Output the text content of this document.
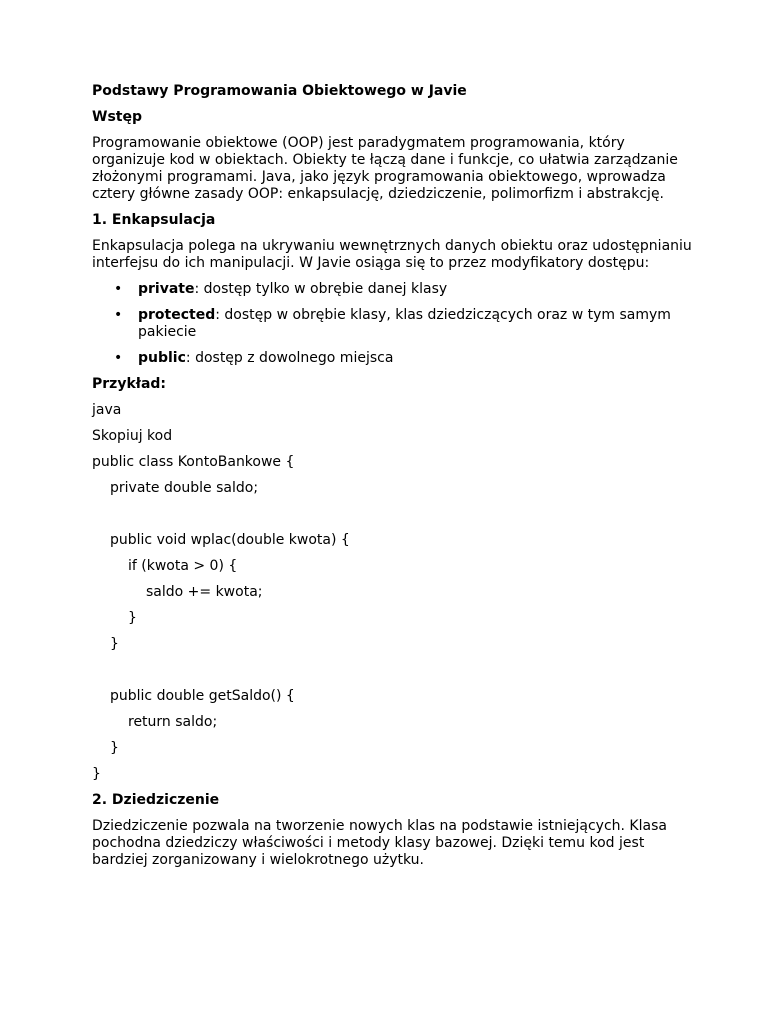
Podstawy Programowania Obiektowego w Javie
Wstęp

Programowanie obiektowe (OOP) jest paradygmatem programowania, który organizuje kod w obiektach. Obiekty te łączą dane i funkcje, co ułatwia zarządzanie złożonymi programami. Java, jako język programowania obiektowego, wprowadza cztery główne zasady OOP: enkapsulację, dziedziczenie, polimorfizm i abstrakcję.

1. Enkapsulacja

Enkapsulacja polega na ukrywaniu wewnętrznych danych obiektu oraz udostępnianiu interfejsu do ich manipulacji. W Javie osiąga się to przez modyfikatory dostępu:

• private: dostęp tylko w obrębie danej klasy
• protected: dostęp w obrębie klasy, klas dziedziczących oraz w tym samym pakiecie
• public: dostęp z dowolnego miejsca

Przykład:

java

Skopiuj kod

public class KontoBankowe {

private double saldo;

public void wplac(double kwota) {

if (kwota > 0) {

saldo += kwota;

}

}

public double getSaldo() {

return saldo;

}

}

2. Dziedziczenie

Dziedziczenie pozwala na tworzenie nowych klas na podstawie istniejących. Klasa pochodna dziedziczy właściwości i metody klasy bazowej. Dzięki temu kod jest bardziej zorganizowany i wielokrotnego użytku.
